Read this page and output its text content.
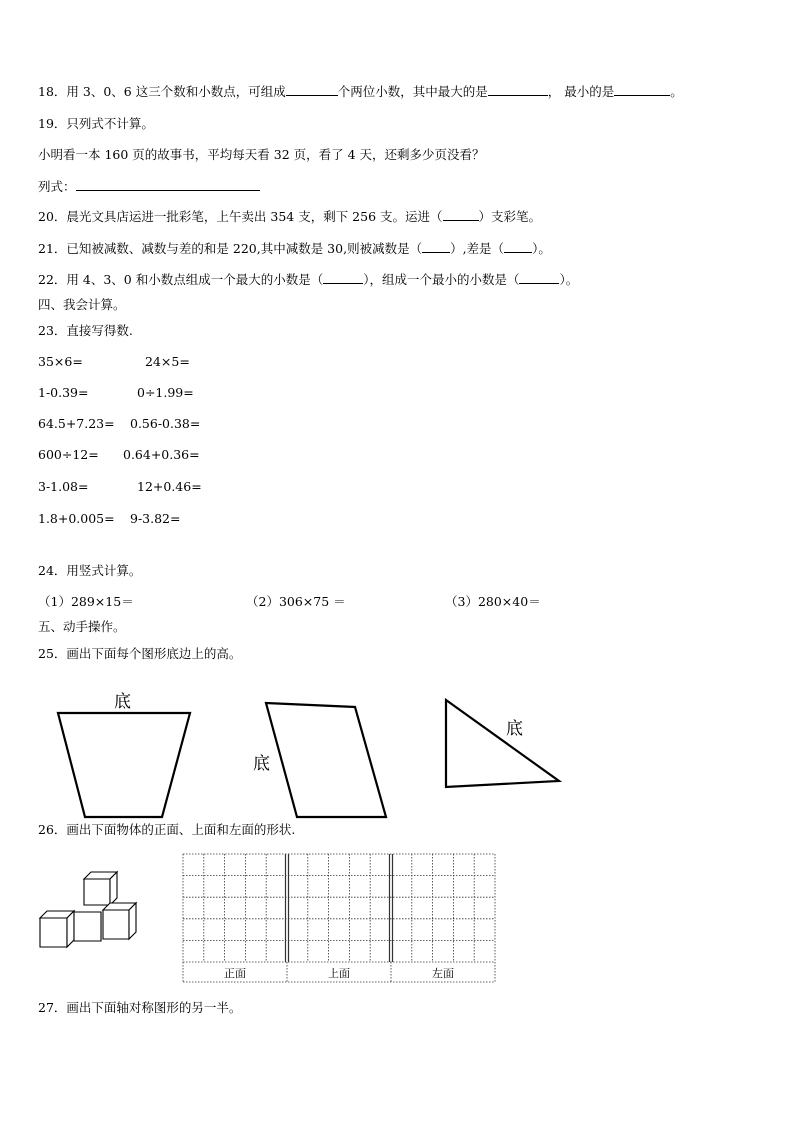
18．用 3、0、6 这三个数和小数点，可组成	个两位小数，其中最大的是	， 最小的是	。
19．只列式不计算。
小明看一本 160 页的故事书，平均每天看 32 页，看了 4 天，还剩多少页没看？
列式：
20．晨光文具店运进一批彩笔，上午卖出 354 支，剩下 256 支。运进（	）支彩笔。
21．已知被减数、减数与差的和是 220,其中减数是 30,则被减数是（ ）,差是（ ）。
22．用 4、3、0 和小数点组成一个最大的小数是（	），组成一个最小的小数是（	）。
四、我会计算。
23．直接写得数.
35×6=	24×5=
1-0.39=	0÷1.99=
64.5+7.23= 0.56-0.38=
600÷12= 0.64+0.36=
3-1.08=	12+0.46=
1.8+0.005= 9-3.82=
24．用竖式计算。
（1）289×15＝	（2）306×75 ＝	（3）280×40＝
五、动手操作。
25．画出下面每个图形底边上的高。
底
底
底
26．画出下面物体的正面、上面和左面的形状.
正面	上面	左面
27．画出下面轴对称图形的另一半。
